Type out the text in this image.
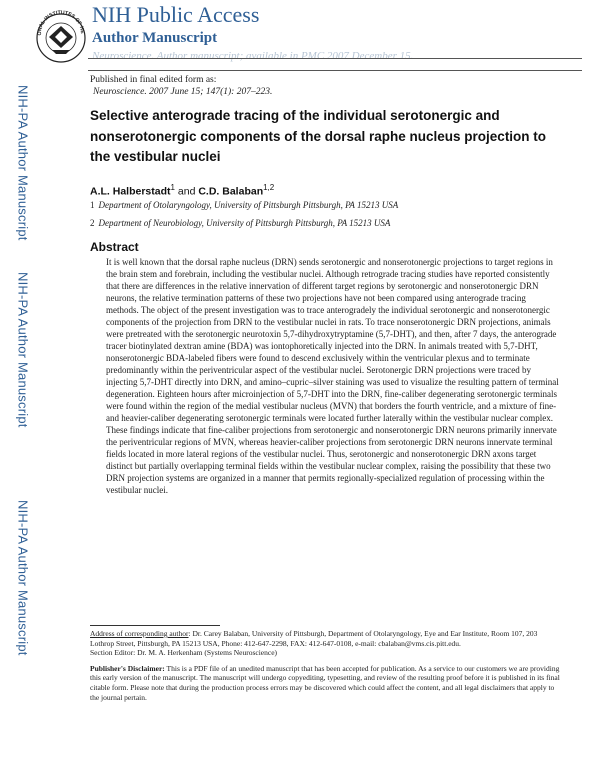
NIH-PA Author Manuscript
NIH-PA Author Manuscript
NIH-PA Author Manuscript
ONAL INSTITUTES OF HE
NIH Public Access
Author Manuscript
Neuroscience. Author manuscript; available in PMC 2007 December 15.
Published in final edited form as:
Neuroscience. 2007 June 15; 147(1): 207–223.
Selective anterograde tracing of the individual serotonergic and nonserotonergic components of the dorsal raphe nucleus projection to the vestibular nuclei
A.L. Halberstadt$^1$ and C.D. Balaban$^{1,2}$
1 Department of Otolaryngology, University of Pittsburgh Pittsburgh, PA 15213 USA
2 Department of Neurobiology, University of Pittsburgh Pittsburgh, PA 15213 USA
Abstract

It is well known that the dorsal raphe nucleus (DRN) sends serotonergic and nonserotonergic projections to target regions in the brain stem and forebrain, including the vestibular nuclei. Although retrograde tracing studies have reported consistently that there are differences in the relative innervation of different target regions by serotonergic and nonserotonergic DRN neurons, the relative termination patterns of these two projections have not been compared using anterograde tracing methods. The object of the present investigation was to trace anterogradely the individual serotonergic and nonserotonergic components of the projection from DRN to the vestibular nuclei in rats. To trace nonserotonergic DRN projections, animals were pretreated with the serotonergic neurotoxin 5,7-dihydroxytryptamine (5,7-DHT), and then, after 7 days, the anterograde tracer biotinylated dextran amine (BDA) was iontophoretically injected into the DRN. In animals treated with 5,7-DHT, nonserotonergic BDA-labeled fibers were found to descend exclusively within the ventricular plexus and to terminate predominantly within the periventricular aspect of the vestibular nuclei. Serotonergic DRN projections were traced by injecting 5,7-DHT directly into DRN, and amino–cupric–silver staining was used to visualize the resulting pattern of terminal degeneration. Eighteen hours after microinjection of 5,7-DHT into the DRN, fine-caliber degenerating serotonergic terminals were found within the region of the medial vestibular nucleus (MVN) that borders the fourth ventricle, and a mixture of fine- and heavier-caliber degenerating serotonergic terminals were located further laterally within the vestibular nuclear complex. These findings indicate that fine-caliber projections from serotonergic and nonserotonergic DRN neurons primarily innervate the periventricular regions of MVN, whereas heavier-caliber projections from serotonergic DRN neurons innervate terminal fields located in more lateral regions of the vestibular nuclei. Thus, serotonergic and nonserotonergic DRN axons target distinct but partially overlapping terminal fields within the vestibular nuclear complex, raising the possibility that these two DRN projection systems are organized in a manner that permits regionally-specialized regulation of processing within the vestibular nuclei.

Address of corresponding author: Dr. Carey Balaban, University of Pittsburgh, Department of Otolaryngology, Eye and Ear Institute, Room 107, 203 Lothrop Street, Pittsburgh, PA 15213 USA, Phone: 412-647-2298, FAX: 412-647-0108, e-mail: cbalaban@vms.cis.pitt.edu.

Section Editor: Dr. M. A. Herkenham (Systems Neuroscience)

Publisher's Disclaimer: This is a PDF file of an unedited manuscript that has been accepted for publication. As a service to our customers we are providing this early version of the manuscript. The manuscript will undergo copyediting, typesetting, and review of the resulting proof before it is published in its final citable form. Please note that during the production process errors may be discovered which could affect the content, and all legal disclaimers that apply to the journal pertain.
